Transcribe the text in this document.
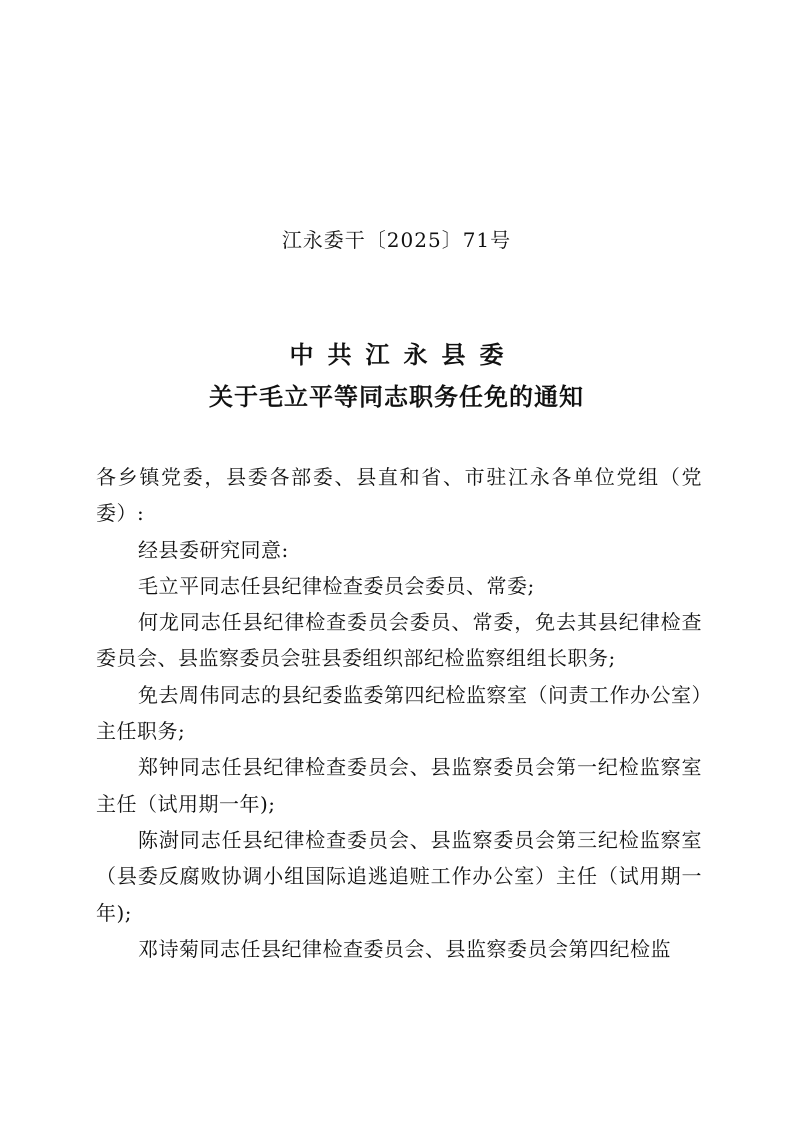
江永委干〔2025〕71号
中共江永县委
关于毛立平等同志职务任免的通知

各乡镇党委，县委各部委、县直和省、市驻江永各单位党组（党委）:

经县委研究同意:

毛立平同志任县纪律检查委员会委员、常委;

何龙同志任县纪律检查委员会委员、常委，免去其县纪律检查委员会、县监察委员会驻县委组织部纪检监察组组长职务;

免去周伟同志的县纪委监委第四纪检监察室（问责工作办公室）主任职务;

郑钟同志任县纪律检查委员会、县监察委员会第一纪检监察室主任（试用期一年);

陈澍同志任县纪律检查委员会、县监察委员会第三纪检监察室（县委反腐败协调小组国际追逃追赃工作办公室）主任（试用期一年);

邓诗菊同志任县纪律检查委员会、县监察委员会第四纪检监
